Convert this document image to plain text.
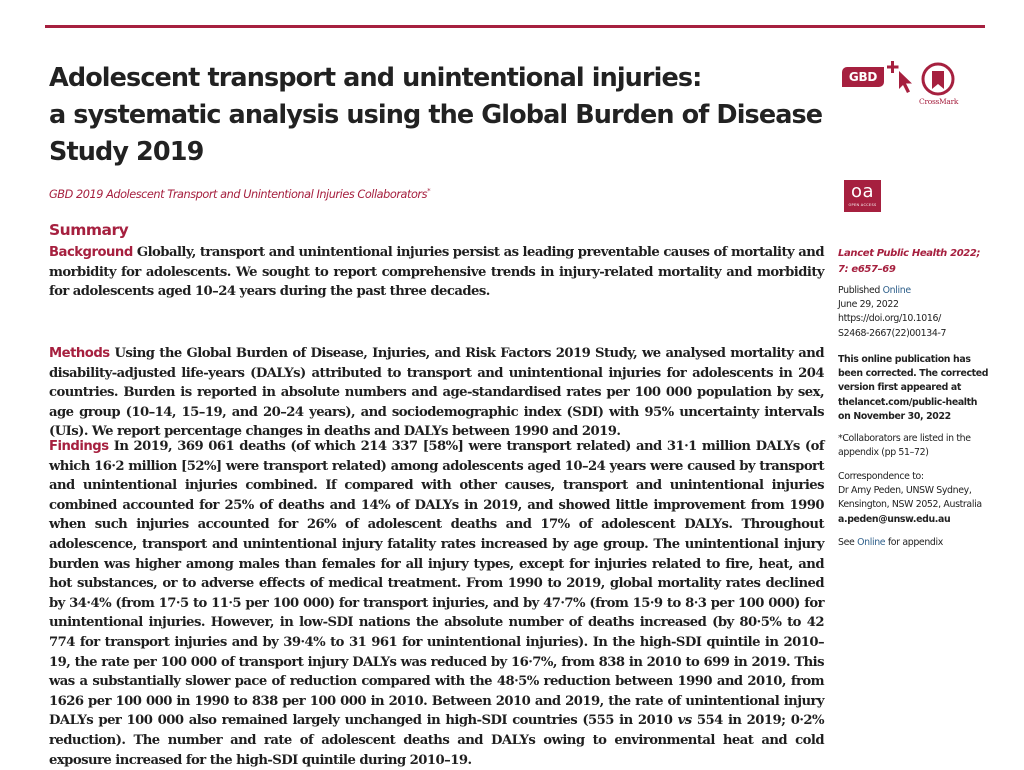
Adolescent transport and unintentional injuries:
a systematic analysis using the Global Burden of Disease
Study 2019
GBD 2019 Adolescent Transport and Unintentional Injuries Collaborators*
GBD
CrossMark
oa
OPEN ACCESS
Summary

Background Globally, transport and unintentional injuries persist as leading preventable causes of mortality and morbidity for adolescents. We sought to report comprehensive trends in injury-related mortality and morbidity for adolescents aged 10–24 years during the past three decades.

Methods Using the Global Burden of Disease, Injuries, and Risk Factors 2019 Study, we analysed mortality and disability-adjusted life-years (DALYs) attributed to transport and unintentional injuries for adolescents in 204 countries. Burden is reported in absolute numbers and age-standardised rates per 100 000 population by sex, age group (10–14, 15–19, and 20–24 years), and sociodemographic index (SDI) with 95% uncertainty intervals (UIs). We report percentage changes in deaths and DALYs between 1990 and 2019.

Findings In 2019, 369 061 deaths (of which 214 337 [58%] were transport related) and 31·1 million DALYs (of which 16·2 million [52%] were transport related) among adolescents aged 10–24 years were caused by transport and unintentional injuries combined. If compared with other causes, transport and unintentional injuries combined accounted for 25% of deaths and 14% of DALYs in 2019, and showed little improvement from 1990 when such injuries accounted for 26% of adolescent deaths and 17% of adolescent DALYs. Throughout adolescence, transport and unintentional injury fatality rates increased by age group. The unintentional injury burden was higher among males than females for all injury types, except for injuries related to fire, heat, and hot substances, or to adverse effects of medical treatment. From 1990 to 2019, global mortality rates declined by 34·4% (from 17·5 to 11·5 per 100 000) for transport injuries, and by 47·7% (from 15·9 to 8·3 per 100 000) for unintentional injuries. However, in low-SDI nations the absolute number of deaths increased (by 80·5% to 42 774 for transport injuries and by 39·4% to 31 961 for unintentional injuries). In the high-SDI quintile in 2010–19, the rate per 100 000 of transport injury DALYs was reduced by 16·7%, from 838 in 2010 to 699 in 2019. This was a substantially slower pace of reduction compared with the 48·5% reduction between 1990 and 2010, from 1626 per 100 000 in 1990 to 838 per 100 000 in 2010. Between 2010 and 2019, the rate of unintentional injury DALYs per 100 000 also remained largely unchanged in high-SDI countries (555 in 2010 vs 554 in 2019; 0·2% reduction). The number and rate of adolescent deaths and DALYs owing to environmental heat and cold exposure increased for the high-SDI quintile during 2010–19.

Lancet Public Health 2022;
7: e657–69
Published Online
June 29, 2022
https://doi.org/10.1016/
S2468-2667(22)00134-7
This online publication has
been corrected. The corrected
version first appeared at
thelancet.com/public-health
on November 30, 2022
*Collaborators are listed in the
appendix (pp 51–72)
Correspondence to:
Dr Amy Peden, UNSW Sydney,
Kensington, NSW 2052, Australia
a.peden@unsw.edu.au
See Online for appendix
